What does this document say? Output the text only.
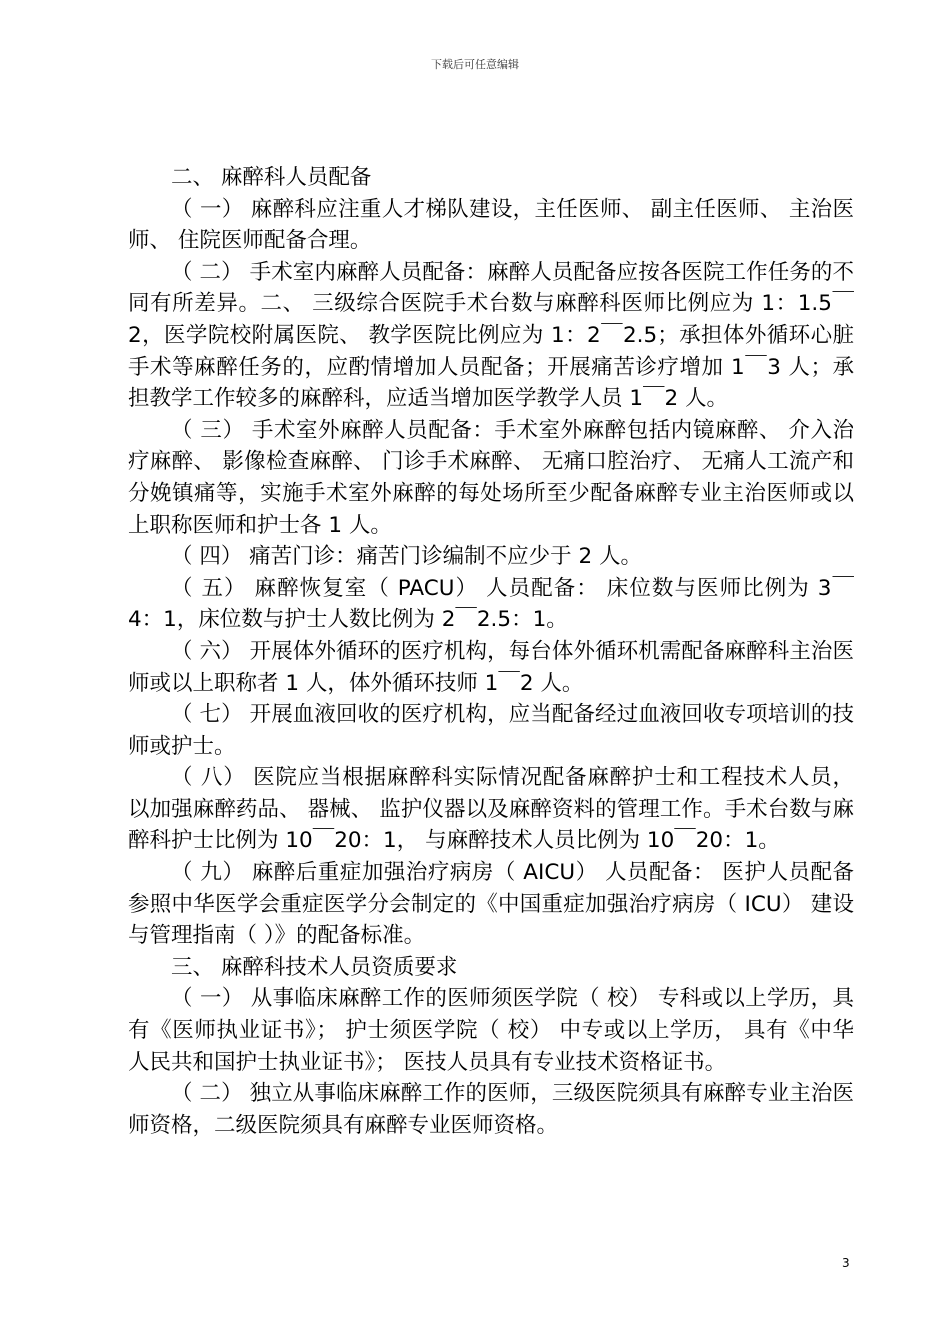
下载后可任意编辑

二、 麻醉科人员配备

（ 一） 麻醉科应注重人才梯队建设，主任医师、 副主任医师、 主治医师、 住院医师配备合理。

（ 二） 手术室内麻醉人员配备：麻醉人员配备应按各医院工作任务的不同有所差异。二、 三级综合医院手术台数与麻醉科医师比例应为 1：1.5￣2，医学院校附属医院、 教学医院比例应为 1：2￣2.5；承担体外循环心脏手术等麻醉任务的，应酌情增加人员配备；开展痛苦诊疗增加 1￣3 人；承担教学工作较多的麻醉科，应适当增加医学教学人员 1￣2 人。

（ 三） 手术室外麻醉人员配备：手术室外麻醉包括内镜麻醉、 介入治疗麻醉、 影像检查麻醉、 门诊手术麻醉、 无痛口腔治疗、 无痛人工流产和分娩镇痛等，实施手术室外麻醉的每处场所至少配备麻醉专业主治医师或以上职称医师和护士各 1 人。

（ 四） 痛苦门诊：痛苦门诊编制不应少于 2 人。

（ 五） 麻醉恢复室（ PACU） 人员配备： 床位数与医师比例为 3￣4：1，床位数与护士人数比例为 2￣2.5：1。

（ 六） 开展体外循环的医疗机构，每台体外循环机需配备麻醉科主治医师或以上职称者 1 人，体外循环技师 1￣2 人。

（ 七） 开展血液回收的医疗机构，应当配备经过血液回收专项培训的技师或护士。

（ 八） 医院应当根据麻醉科实际情况配备麻醉护士和工程技术人员， 以加强麻醉药品、 器械、 监护仪器以及麻醉资料的管理工作。手术台数与麻醉科护士比例为 10￣20：1， 与麻醉技术人员比例为 10￣20：1。

（ 九） 麻醉后重症加强治疗病房（ AICU） 人员配备： 医护人员配备参照中华医学会重症医学分会制定的《中国重症加强治疗病房（ ICU） 建设与管理指南（ ）》的配备标准。

三、 麻醉科技术人员资质要求

（ 一） 从事临床麻醉工作的医师须医学院（ 校） 专科或以上学历，具有《医师执业证书》； 护士须医学院（ 校） 中专或以上学历， 具有《中华人民共和国护士执业证书》； 医技人员具有专业技术资格证书。

（ 二） 独立从事临床麻醉工作的医师，三级医院须具有麻醉专业主治医师资格，二级医院须具有麻醉专业医师资格。

3
